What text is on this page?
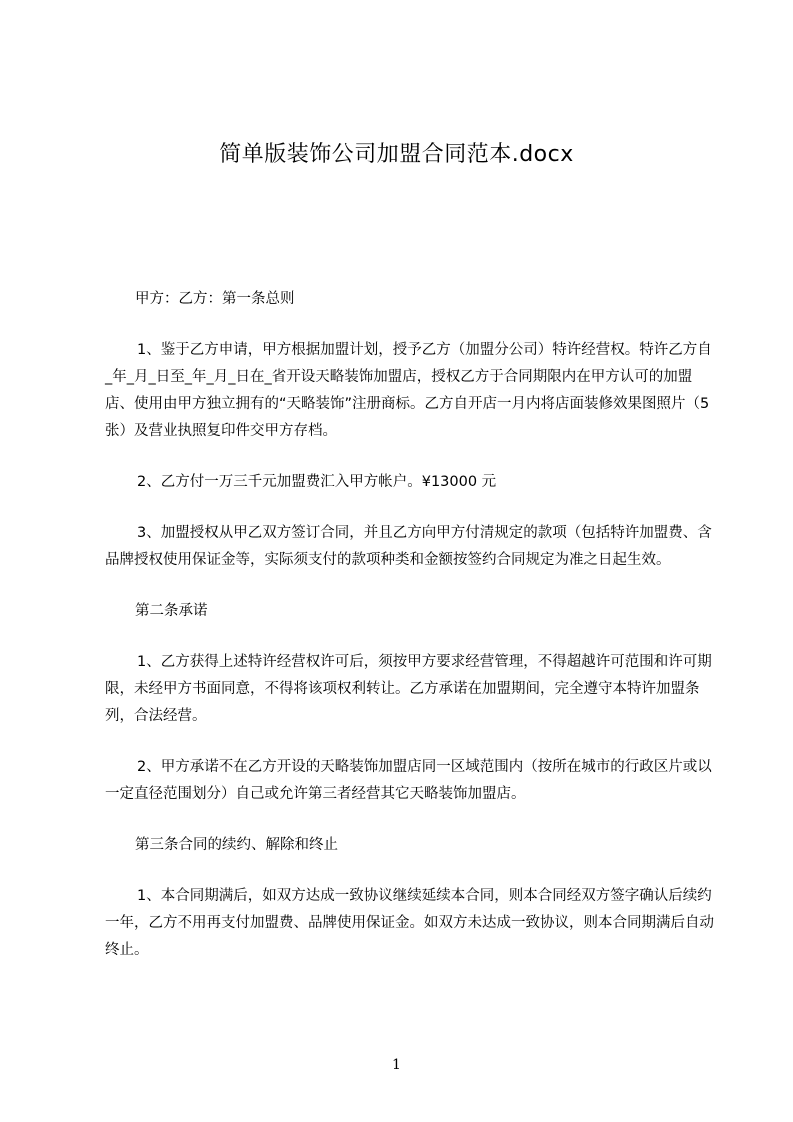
简单版装饰公司加盟合同范本.docx

甲方：乙方：第一条总则

1、鉴于乙方申请，甲方根据加盟计划，授予乙方（加盟分公司）特许经营权。特许乙方自_年_月_日至_年_月_日在_省开设天略装饰加盟店，授权乙方于合同期限内在甲方认可的加盟店、使用由甲方独立拥有的“天略装饰”注册商标。乙方自开店一月内将店面装修效果图照片（5 张）及营业执照复印件交甲方存档。

2、乙方付一万三千元加盟费汇入甲方帐户。¥13000 元

3、加盟授权从甲乙双方签订合同，并且乙方向甲方付清规定的款项（包括特许加盟费、含品牌授权使用保证金等，实际须支付的款项种类和金额按签约合同规定为准之日起生效。

第二条承诺

1、乙方获得上述特许经营权许可后，须按甲方要求经营管理，不得超越许可范围和许可期限，未经甲方书面同意，不得将该项权利转让。乙方承诺在加盟期间，完全遵守本特许加盟条列，合法经营。

2、甲方承诺不在乙方开设的天略装饰加盟店同一区域范围内（按所在城市的行政区片或以一定直径范围划分）自己或允许第三者经营其它天略装饰加盟店。

第三条合同的续约、解除和终止

1、本合同期满后，如双方达成一致协议继续延续本合同，则本合同经双方签字确认后续约一年，乙方不用再支付加盟费、品牌使用保证金。如双方未达成一致协议，则本合同期满后自动终止。

1
